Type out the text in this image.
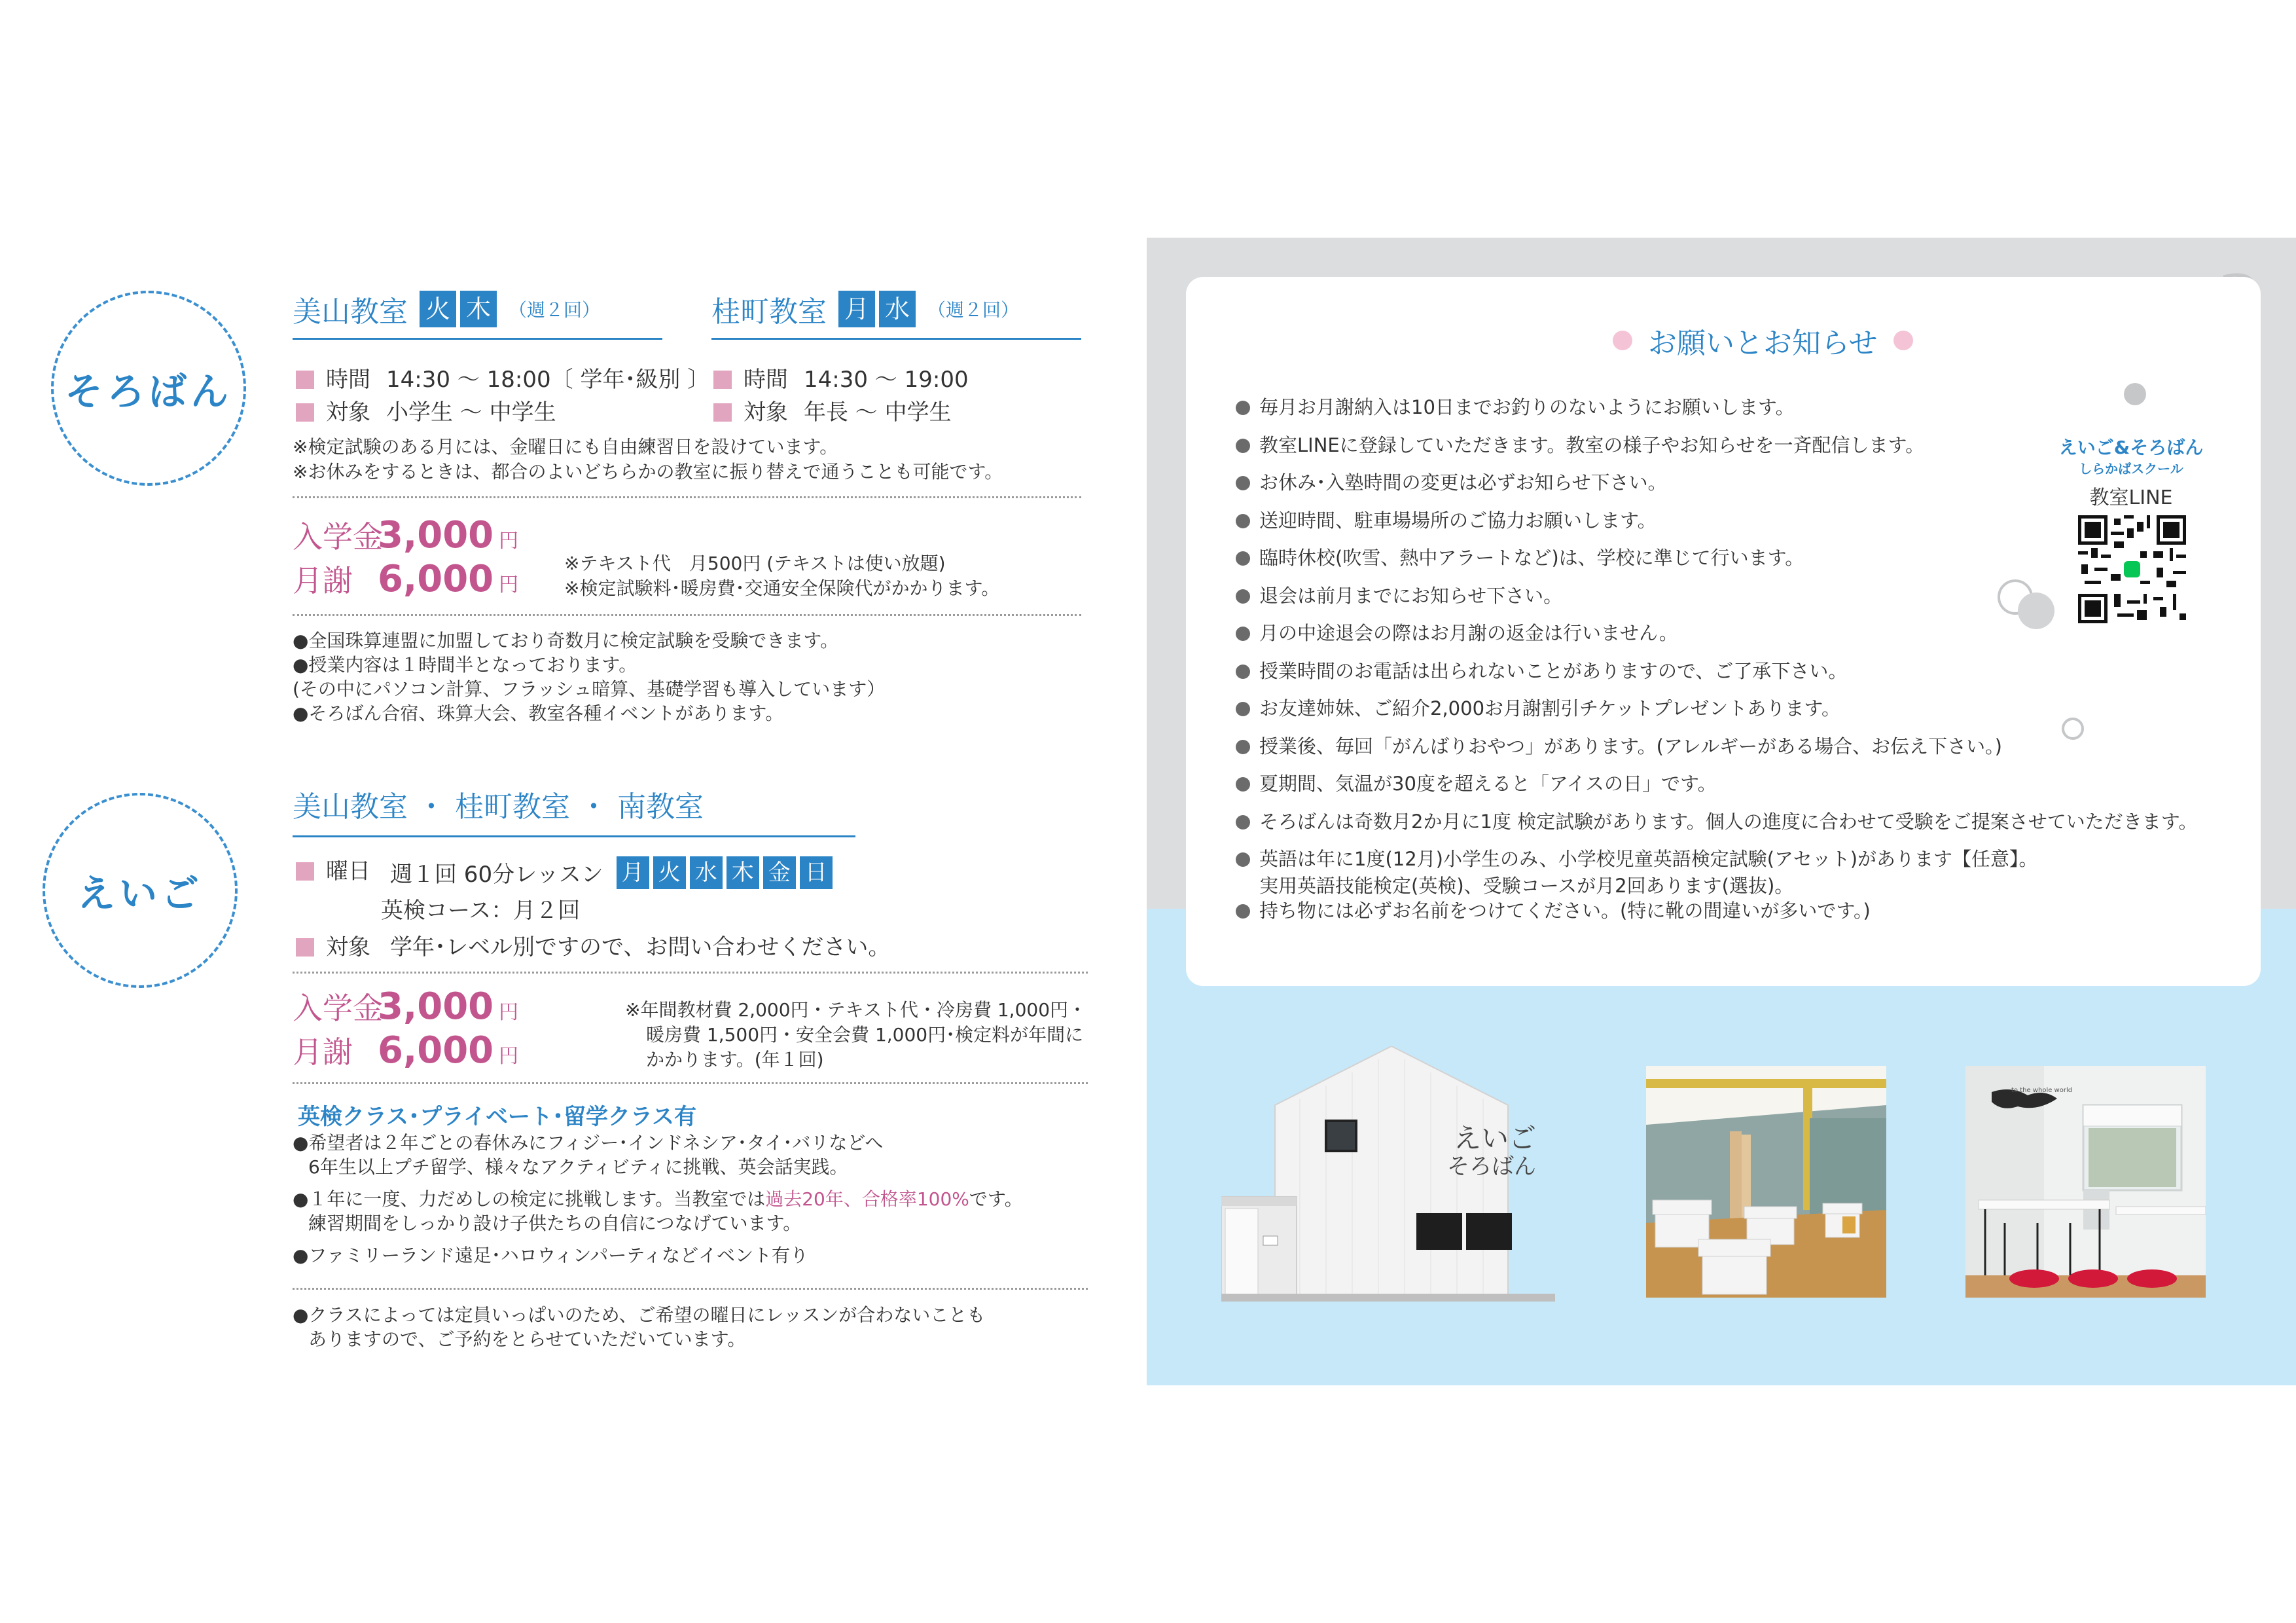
そろばん
美山教室 火 木 （週２回）	桂町教室 月 水 （週２回）
時間 14:30 ～ 18:00〔 学年･級別 〕
対象 小学生 ～ 中学生
時間 14:30 ～ 19:00
対象 年長 ～ 中学生
※検定試験のある月には、金曜日にも自由練習日を設けています。
※お休みをするときは、都合のよいどちらかの教室に振り替えで通うことも可能です。
入学金3,000 円
月謝 6,000 円
※テキスト代　月500円 (テキストは使い放題)
※検定試験料･暖房費･交通安全保険代がかかります。
●全国珠算連盟に加盟しており奇数月に検定試験を受験できます。
●授業内容は１時間半となっております。
(その中にパソコン計算、フラッシュ暗算、基礎学習も導入しています）
●そろばん合宿、珠算大会、教室各種イベントがあります。
えいご
美山教室 ・ 桂町教室 ・ 南教室
曜日 週１回 60分レッスン 月 火 水 木 金 日
英検コース：月２回
対象 学年･レベル別ですので、お問い合わせください。
入学金3,000 円
月謝 6,000 円
※年間教材費 2,000円・テキスト代・冷房費 1,000円・
暖房費 1,500円・安全会費 1,000円･検定料が年間に
かかります。(年１回)
英検クラス･プライベート･留学クラス有
●希望者は２年ごとの春休みにフィジー･インドネシア･タイ･バリなどへ
6年生以上プチ留学、様々なアクティビティに挑戦、英会話実践。
●１年に一度、力だめしの検定に挑戦します。当教室では過去20年、合格率100%です。
練習期間をしっかり設け子供たちの自信につなげています。
●ファミリーランド遠足･ハロウィンパーティなどイベント有り
●クラスによっては定員いっぱいのため、ご希望の曜日にレッスンが合わないことも
ありますので、ご予約をとらせていただいています。
お願いとお知らせ
毎月お月謝納入は10日までお釣りのないようにお願いします。
教室LINEに登録していただきます。教室の様子やお知らせを一斉配信します。
お休み･入塾時間の変更は必ずお知らせ下さい。
送迎時間、駐車場場所のご協力お願いします。
臨時休校(吹雪、熱中アラートなど)は、学校に準じて行います。
退会は前月までにお知らせ下さい。
月の中途退会の際はお月謝の返金は行いません。
授業時間のお電話は出られないことがありますので、ご了承下さい。
お友達姉妹、ご紹介2,000お月謝割引チケットプレゼントあります。
授業後、毎回「がんばりおやつ」があります。(アレルギーがある場合、お伝え下さい。)
夏期間、気温が30度を超えると「アイスの日」です。
そろばんは奇数月2か月に1度 検定試験があります。個人の進度に合わせて受験をご提案させていただきます。
英語は年に1度(12月)小学生のみ、小学校児童英語検定試験(アセット)があります【任意】。
実用英語技能検定(英検)、受験コースが月2回あります(選抜)。
持ち物には必ずお名前をつけてください。(特に靴の間違いが多いです。)
えいご&そろばん
しらかばスクール
教室LINE
えいご
そろばん
to the whole world
